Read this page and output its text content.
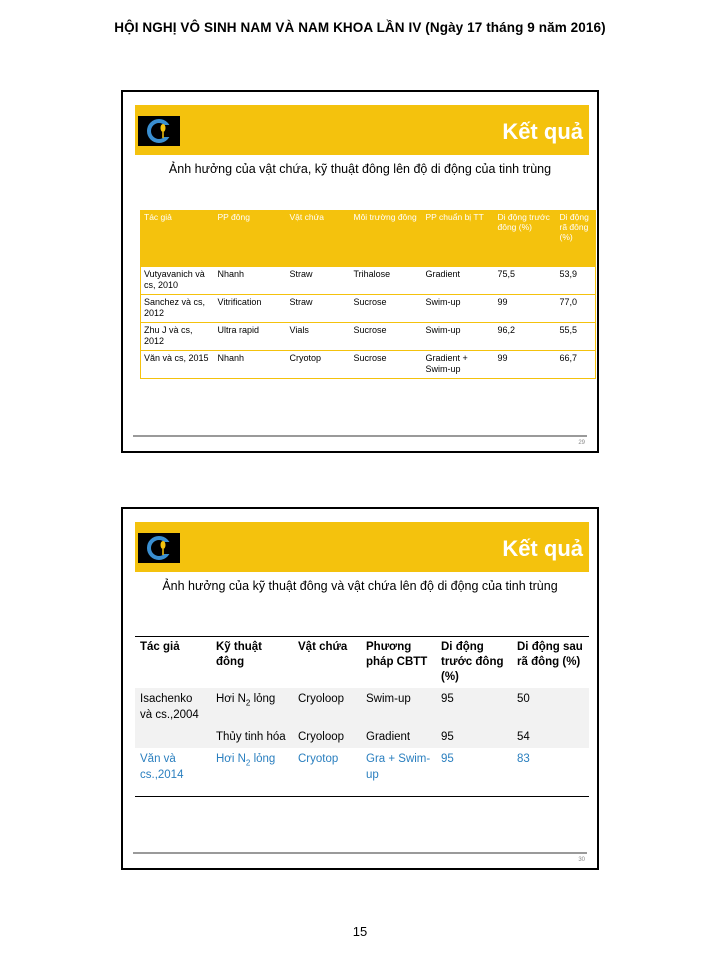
HỘI NGHỊ VÔ SINH NAM VÀ NAM KHOA LẦN IV (Ngày 17 tháng 9 năm 2016)
Kết quả
Ảnh hưởng của vật chứa, kỹ thuật đông lên độ di động của tinh trùng
Tác giả	PP đông	Vật chứa	Môi trường đông	PP chuẩn bị TT	Di động trước đông (%)	Di động rã đông (%)
Vutyavanich và cs, 2010	Nhanh	Straw	Trihalose	Gradient	75,5	53,9
Sanchez và cs, 2012	Vitrification	Straw	Sucrose	Swim-up	99	77,0
Zhu J và cs, 2012	Ultra rapid	Vials	Sucrose	Swim-up	96,2	55,5
Văn và cs, 2015	Nhanh	Cryotop	Sucrose	Gradient + Swim-up	99	66,7
29
Kết quả
Ảnh hưởng của kỹ thuật đông và vật chứa lên độ di động của tinh trùng
Tác giả	Kỹ thuật đông	Vật chứa	Phương pháp CBTT	Di động trước đông (%)	Di động sau rã đông (%)
Isachenko và cs.,2004	Hơi $N_2$ lỏng	Cryoloop	Swim-up	95	50
	Thủy tinh hóa	Cryoloop	Gradient	95	54
Văn và cs.,2014	Hơi $N_2$ lỏng	Cryotop	Gra + Swim-up	95	83
30
15
